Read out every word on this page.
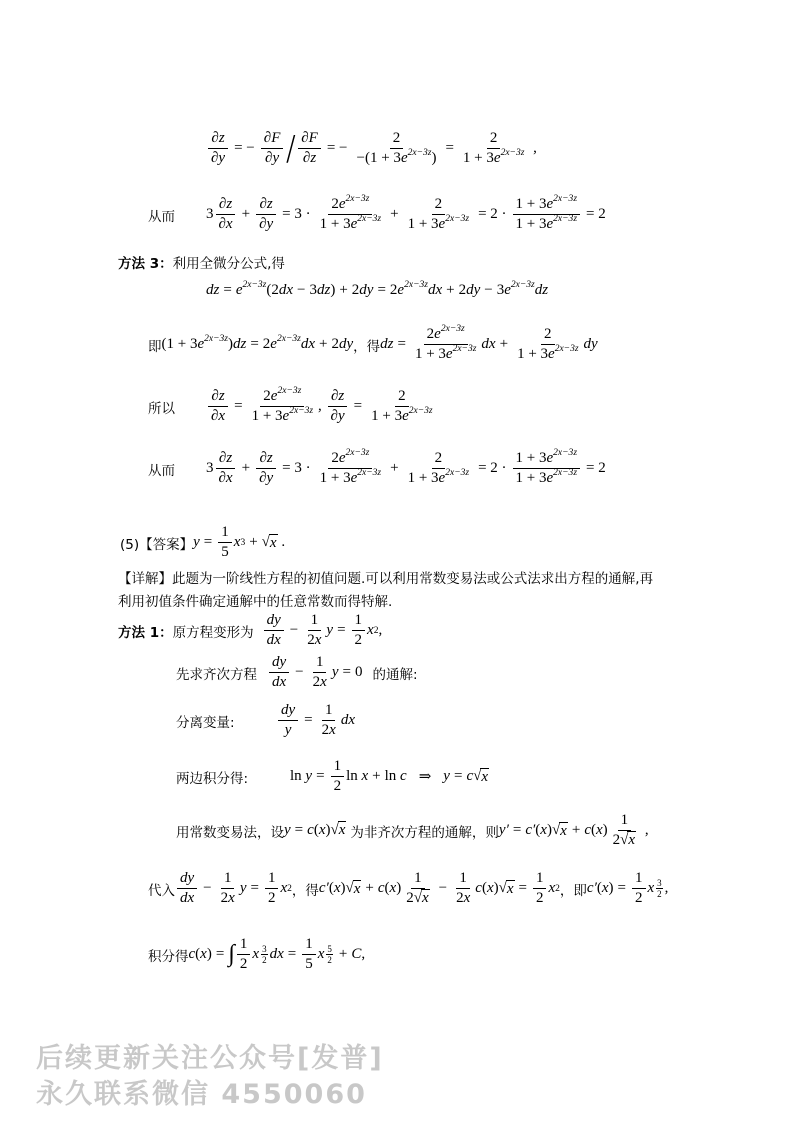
$\frac{\partial z}{\partial y}$ = − $\frac{\partial F}{\partial y} / \frac{\partial F}{\partial z}$ = − $\frac{2}{-(1 + 3e^{2x-3z})} = \frac{2}{1 + 3e^{2x-3z}}$ ,
从而	$3 \frac{\partial z}{\partial x} + \frac{\partial z}{\partial y} = 3 \cdot \frac{2e^{2x-3z}}{1 + 3e^{2x-3z}} + \frac{2}{1 + 3e^{2x-3z}} = 2 \cdot \frac{1 + 3e^{2x-3z}}{1 + 3e^{2x-3z}} = 2$
方法 3：利用全微分公式,得
dz = $e^{2x-3z}(2dx - 3dz) + 2dy = 2e^{2x-3z}dx + 2dy - 3e^{2x-3z}dz$
即 $(1 + 3e^{2x-3z})dz = 2e^{2x-3z}dx + 2dy$ ，得 dz = $\frac{2e^{2x-3z}}{1 + 3e^{2x-3z}}$ dx + $\frac{2}{1 + 3e^{2x-3z}}$ dy
所以	$\frac{\partial z}{\partial x} = \frac{2e^{2x-3z}}{1 + 3e^{2x-3z}}$ , $\frac{\partial z}{\partial y} = \frac{2}{1 + 3e^{2x-3z}}$
从而	$3 \frac{\partial z}{\partial x} + \frac{\partial z}{\partial y} = 3 \cdot \frac{2e^{2x-3z}}{1 + 3e^{2x-3z}} + \frac{2}{1 + 3e^{2x-3z}} = 2 \cdot \frac{1 + 3e^{2x-3z}}{1 + 3e^{2x-3z}} = 2$
(5)【答案】 $y = \frac{1}{5}$ x 3 + √ x .
【详解】此题为一阶线性方程的初值问题.可以利用常数变易法或公式法求出方程的通解,再
利用初值条件确定通解中的任意常数而得特解.
方法 1： 原方程变形为 $\frac{dy}{dx} - \frac{1}{2x}$ $y = \frac{1}{2}$ x 2 ,
先求齐次方程 $\frac{dy}{dx} - \frac{1}{2x}$ y = 0 的通解:
分离变量:	$\frac{dy}{y} = \frac{1}{2x}$ dx
两边积分得:	ln
$y = \frac{1}{2}$ ln
x + ln
c ⇒ y = c √ x
用常数变易法，设 y = c(x)√x 为非齐次方程的通解，则 y ′ = c ′ ( x ) √ x + c ( x ) $\frac{1}{2√x}$ ,
代入 $\frac{dy}{dx} - \frac{1}{2x}$ $y = \frac{1}{2}$ x 2 ，得 c ′ ( x ) √ x + c ( x ) $\frac{1}{2√x} - \frac{1}{2x}$ c ( x ) √ $x = \frac{1}{2}$ x 2 ，即 c ′ ( x ) = $\frac{1}{2}$ x $\frac{3}{2}$ ,
积分得 c ( x ) = ∫ $\frac{1}{2}$ x $\frac{3}{2}$ dx = $\frac{1}{5}$ x $\frac{5}{2} + C$ ,
后续更新关注公众号[发普]
永久联系微信 4550060
